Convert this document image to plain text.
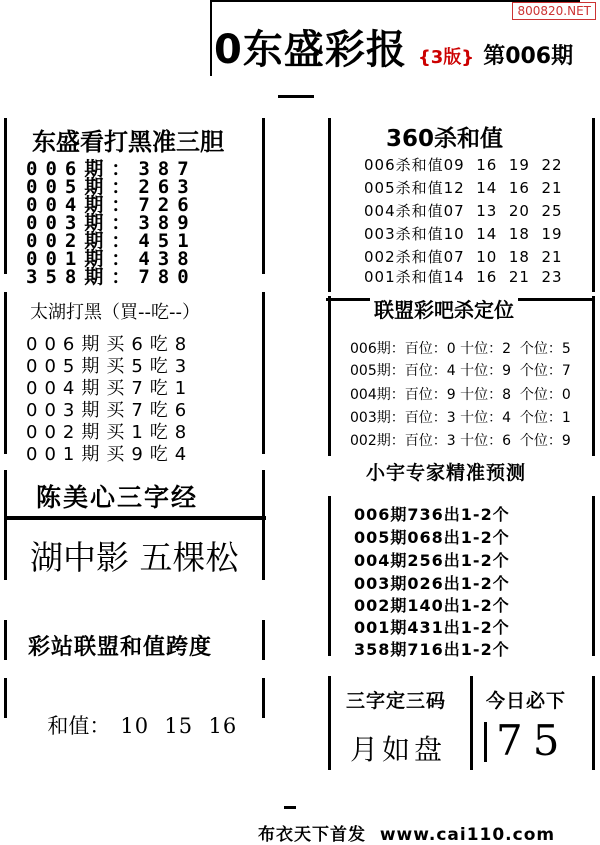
800820.NET
0东盛彩报 {3版} 第006期
东盛看打黑准三胆
006期：387
005期：263
004期：726
003期：389
002期：451
001期：438
358期：780
太湖打黑（買--吃--）
006期买6吃8
005期买5吃3
004期买7吃1
003期买7吃6
002期买1吃8
001期买9吃4
陈美心三字经
湖中影 五棵松
彩站联盟和值跨度

和值： 10  15  16

360杀和值
006杀和值09  16  19  22
005杀和值12  14  16  21
004杀和值07  13  20  25
003杀和值10  14  18  19
002杀和值07  10  18  21
001杀和值14  16  21  23
联盟彩吧杀定位
006期：百位：0 十位：2  个位：5
005期：百位：4 十位：9  个位：7
004期：百位：9 十位：8  个位：0
003期：百位：3 十位：4  个位：1
002期：百位：3 十位：6  个位：9
小宇专家精准预测
006期736出1-2个
005期068出1-2个
004期256出1-2个
003期026出1-2个
002期140出1-2个
001期431出1-2个
358期716出1-2个
三字定三码
月如盘
今日必下
75
布衣天下首发  www.cai110.com
